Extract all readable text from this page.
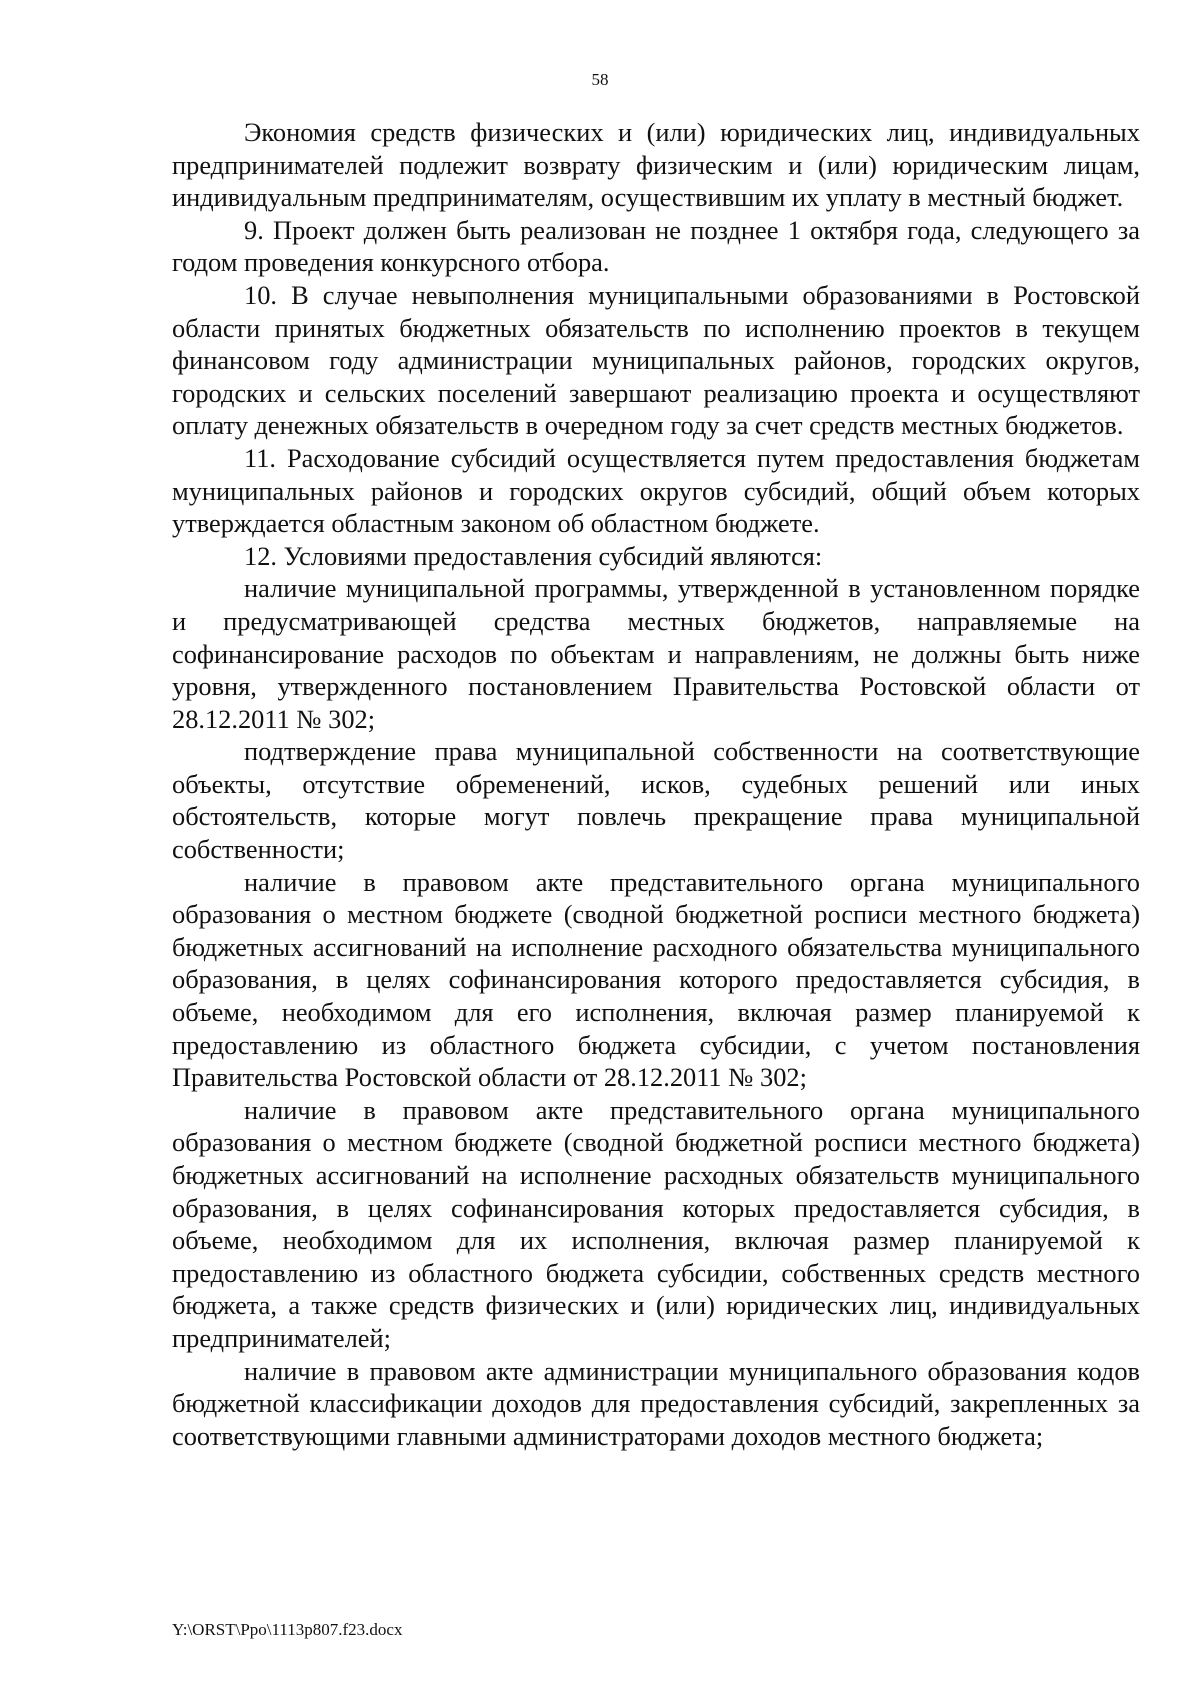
58

Экономия средств физических и (или) юридических лиц, индивидуальных предпринимателей подлежит возврату физическим и (или) юридическим лицам, индивидуальным предпринимателям, осуществившим их уплату в местный бюджет.

9. Проект должен быть реализован не позднее 1 октября года, следующего за годом проведения конкурсного отбора.

10. В случае невыполнения муниципальными образованиями в Ростовской области принятых бюджетных обязательств по исполнению проектов в текущем финансовом году администрации муниципальных районов, городских округов, городских и сельских поселений завершают реализацию проекта и осуществляют оплату денежных обязательств в очередном году за счет средств местных бюджетов.

11. Расходование субсидий осуществляется путем предоставления бюджетам муниципальных районов и городских округов субсидий, общий объем которых утверждается областным законом об областном бюджете.

12. Условиями предоставления субсидий являются:

наличие муниципальной программы, утвержденной в установленном порядке и предусматривающей средства местных бюджетов, направляемые на софинансирование расходов по объектам и направлениям, не должны быть ниже уровня, утвержденного постановлением Правительства Ростовской области от 28.12.2011 № 302;

подтверждение права муниципальной собственности на соответствующие объекты, отсутствие обременений, исков, судебных решений или иных обстоятельств, которые могут повлечь прекращение права муниципальной собственности;

наличие в правовом акте представительного органа муниципального образования о местном бюджете (сводной бюджетной росписи местного бюджета) бюджетных ассигнований на исполнение расходного обязательства муниципального образования, в целях софинансирования которого предоставляется субсидия, в объеме, необходимом для его исполнения, включая размер планируемой к предоставлению из областного бюджета субсидии, с учетом постановления Правительства Ростовской области от 28.12.2011 № 302;

наличие в правовом акте представительного органа муниципального образования о местном бюджете (сводной бюджетной росписи местного бюджета) бюджетных ассигнований на исполнение расходных обязательств муниципального образования, в целях софинансирования которых предоставляется субсидия, в объеме, необходимом для их исполнения, включая размер планируемой к предоставлению из областного бюджета субсидии, собственных средств местного бюджета, а также средств физических и (или) юридических лиц, индивидуальных предпринимателей;

наличие в правовом акте администрации муниципального образования кодов бюджетной классификации доходов для предоставления субсидий, закрепленных за соответствующими главными администраторами доходов местного бюджета;

Y:\ORST\Ppo\1113p807.f23.docx
